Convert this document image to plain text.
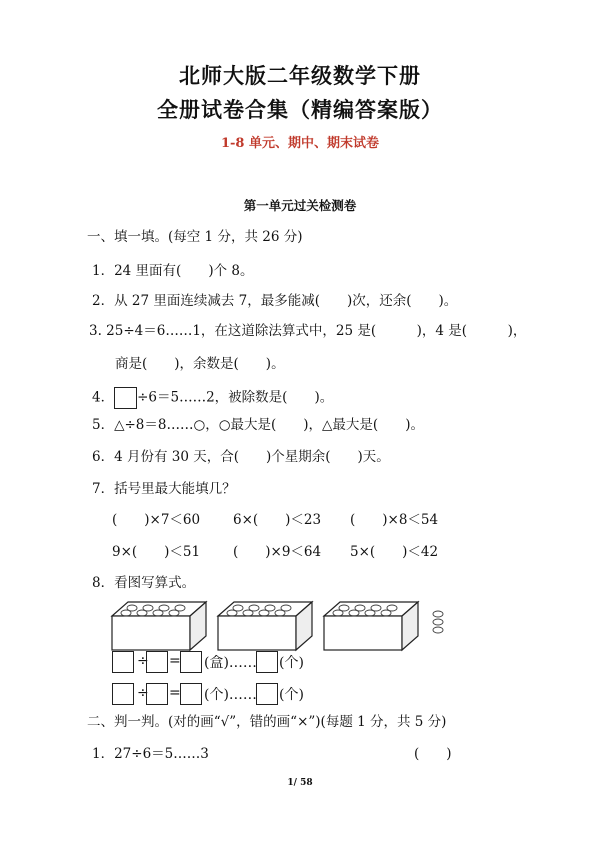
北师大版二年级数学下册
全册试卷合集（精编答案版）
1-8 单元、期中、期末试卷
第一单元过关检测卷
一、填一填。(每空 1 分，共 26 分)
1．24 里面有(　　)个 8。
2．从 27 里面连续减去 7，最多能减(　　)次，还余(　　)。
3. 25÷4＝6……1，在这道除法算式中，25 是(　　　)，4 是(　　　)，
商是(　　)，余数是(　　)。
4． ÷6＝5……2，被除数是(　　)。
5．△÷8＝8……○，○最大是(　　)，△最大是(　　)。
6．4 月份有 30 天，合(　　)个星期余(　　)天。
7．括号里最大能填几？
(　　)×7＜60 6×(　　)＜23 (　　)×8＜54
9×(　　)＜51 (　　)×9＜64 5×(　　)＜42
8．看图写算式。
÷ = (盒)…… (个)
÷ = (个)…… (个)
二、判一判。(对的画“√”，错的画“×”)(每题 1 分，共 5 分)
1．27÷6＝5……3	(　　)
1/ 58
